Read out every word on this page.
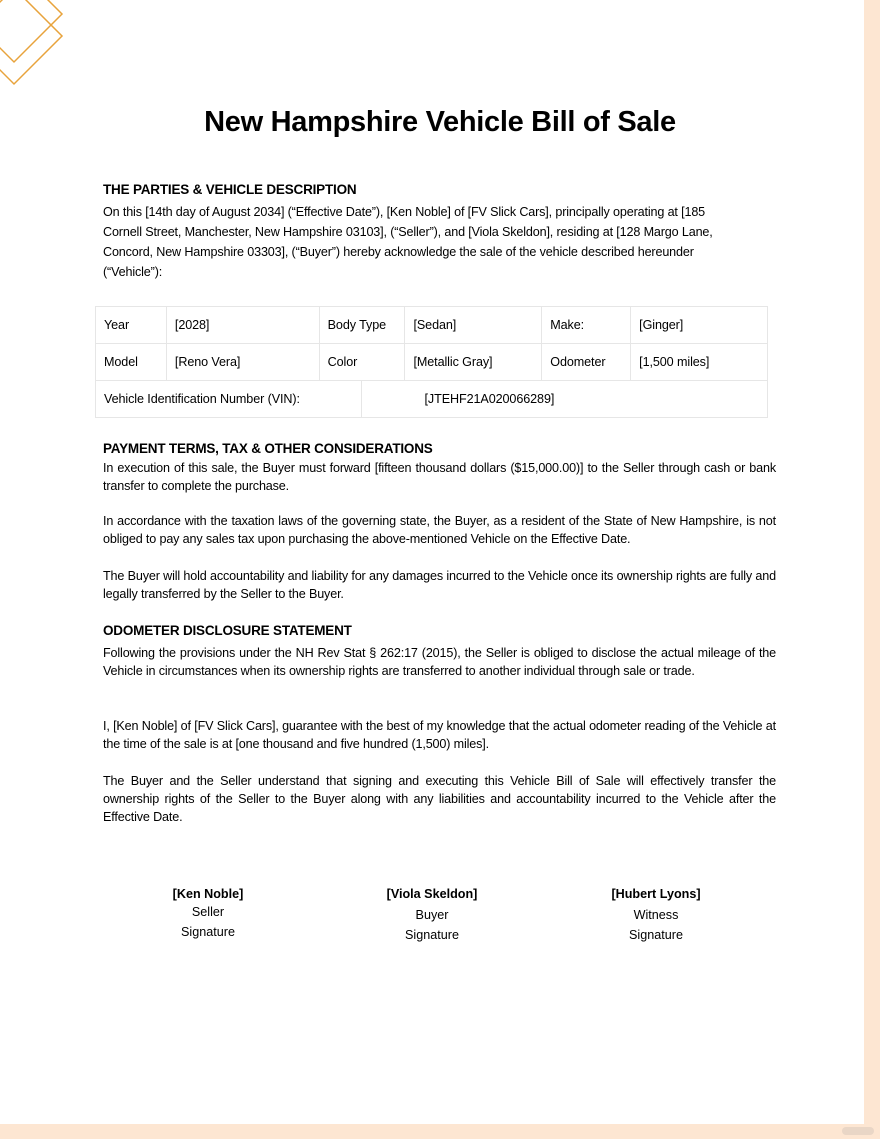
New Hampshire Vehicle Bill of Sale
THE PARTIES & VEHICLE DESCRIPTION
On this [14th day of August 2034] (“Effective Date”), [Ken Noble] of [FV Slick Cars], principally operating at [185
Cornell Street, Manchester, New Hampshire 03103], (“Seller”), and [Viola Skeldon], residing at [128 Margo Lane,
Concord, New Hampshire 03303], (“Buyer”) hereby acknowledge the sale of the vehicle described hereunder
(“Vehicle”):
Year	[2028]	Body Type	[Sedan]	Make:	[Ginger]
Model	[Reno Vera]	Color	[Metallic Gray]	Odometer	[1,500 miles]
Vehicle Identification Number (VIN):	[JTEHF21A020066289]
PAYMENT TERMS, TAX & OTHER CONSIDERATIONS
In execution of this sale, the Buyer must forward [fifteen thousand dollars ($15,000.00)] to the Seller through cash or bank transfer to complete the purchase.
In accordance with the taxation laws of the governing state, the Buyer, as a resident of the State of New Hampshire, is not obliged to pay any sales tax upon purchasing the above-mentioned Vehicle on the Effective Date.
The Buyer will hold accountability and liability for any damages incurred to the Vehicle once its ownership rights are fully and legally transferred by the Seller to the Buyer.
ODOMETER DISCLOSURE STATEMENT
Following the provisions under the NH Rev Stat § 262:17 (2015), the Seller is obliged to disclose the actual mileage of the Vehicle in circumstances when its ownership rights are transferred to another individual through sale or trade.
I, [Ken Noble] of [FV Slick Cars], guarantee with the best of my knowledge that the actual odometer reading of the Vehicle at the time of the sale is at [one thousand and five hundred (1,500) miles].
The Buyer and the Seller understand that signing and executing this Vehicle Bill of Sale will effectively transfer the ownership rights of the Seller to the Buyer along with any liabilities and accountability incurred to the Vehicle after the Effective Date.
[Ken Noble]
Seller
Signature
[Viola Skeldon]
Buyer
Signature
[Hubert Lyons]
Witness
Signature
